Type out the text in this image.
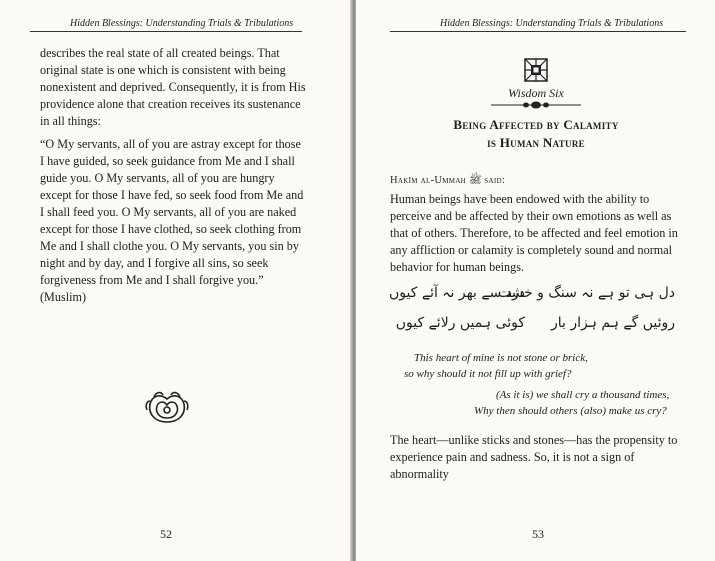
Hidden Blessings: Understanding Trials & Tribulations

describes the real state of all created beings. That original state is one which is consistent with being nonexistent and deprived. Consequently, it is from His providence alone that creation receives its sustenance in all things:

“O My servants, all of you are astray except for those I have guided, so seek guidance from Me and I shall guide you. O My servants, all of you are hungry except for those I have fed, so seek food from Me and I shall feed you. O My servants, all of you are naked except for those I have clothed, so seek clothing from Me and I shall clothe you. O My servants, you sin by night and by day, and I forgive all sins, so seek forgiveness from Me and I shall forgive you.” (Muslim)

52
Hidden Blessings: Understanding Trials & Tribulations
Wisdom Six
Being Affected by Calamity
is Human Nature
Hakīm al-Ummah ﷺ said:

Human beings have been endowed with the ability to perceive and be affected by their own emotions as well as that of others. Therefore, to be affected and feel emotion in any affliction or calamity is completely sound and normal behavior for human beings.

دل ہی تو ہے نہ سنگ و خشت
درد سے بھر نہ آئے کیوں
روئیں گے ہم ہزار بار
کوئی ہمیں رلائے کیوں
This heart of mine is not stone or brick,
so why should it not fill up with grief?
(As it is) we shall cry a thousand times,
Why then should others (also) make us cry?
The heart—unlike sticks and stones—has the propensity to experience pain and sadness. So, it is not a sign of abnormality
53
